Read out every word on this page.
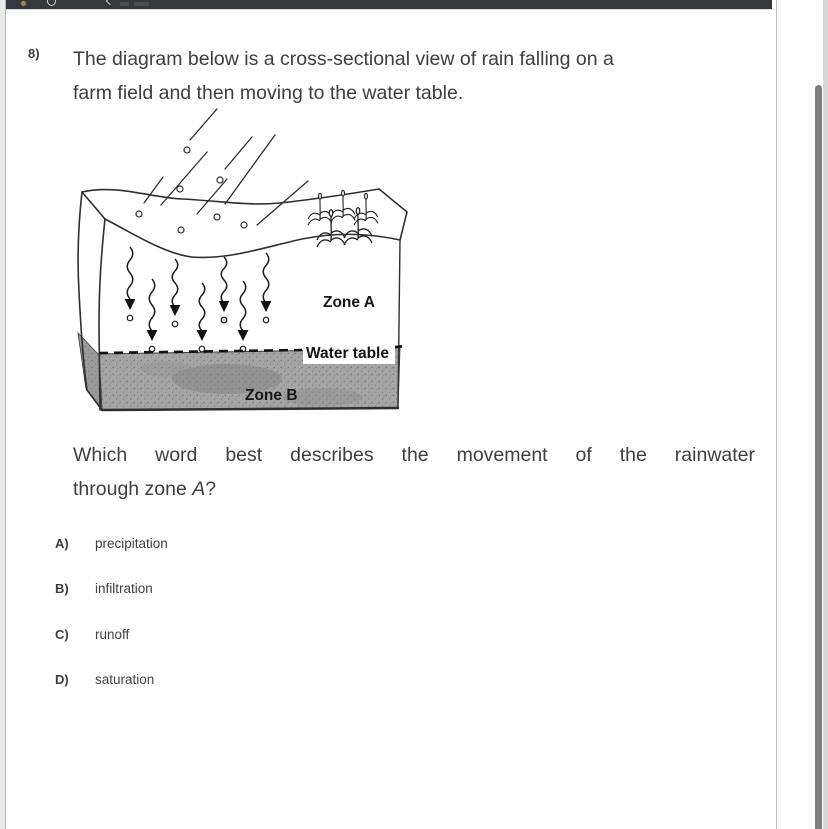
8) The diagram below is a cross-sectional view of rain falling on a
farm field and then moving to the water table.
Water table
Zone A
Zone B
Which word best describes the movement of the rainwater
through zone A?
A) precipitation
B) infiltration
C) runoff
D) saturation
